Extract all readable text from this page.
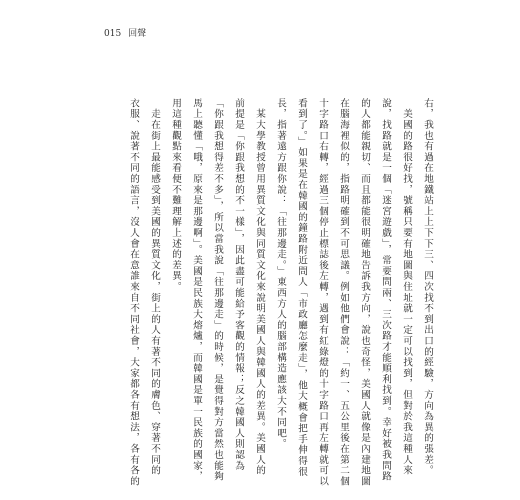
015 回聲
右，我也有過在地鐵站上上下下三、四次找不到出口的經驗，方向為異的張差。
　美國的路很好找，號稱只要有地圖與住址就一定可以找到，但對於我這種人來
說，找路就是一個「迷宮遊戲」，常要問兩、三次路才能順利找到。幸好被我問路
的人都能親切、而且都能很明確地告訴我方向，說也奇怪，美國人就像是內建地圖
在腦海裡似的，指路明確到不可思議。例如他們會說：「約一、五公里後在第二個
十字路口右轉，經過三個停止標誌後左轉，遇到有紅綠燈的十字路口再左轉就可以
看到了。」如果是在韓國的鐘路附近問人「市政廳怎麼走」，他大概會把手伸得很
長，指著遠方跟你說：「往那邊走。」東西方人的腦部構造應該大不同吧。
　某大學教授曾用異質文化與同質文化來說明美國人與韓國人的差異。美國人的
前提是「你跟我想的不一樣」，因此盡可能給予客觀的情報；反之韓國人則認為
「你跟我想得差不多」，所以當我說「往那邊走」的時候，是覺得對方當然也能夠
馬上聽懂「哦，原來是那邊啊」。美國是民族大熔爐，而韓國是單一民族的國家，
用這種觀點來看便不難理解上述的差異。
　走在街上最能感受到美國的異質文化，街上的人有著不同的膚色、穿著不同的
衣服、說著不同的語言，沒人會在意誰來自不同社會，大家都各有想法，各有各的
